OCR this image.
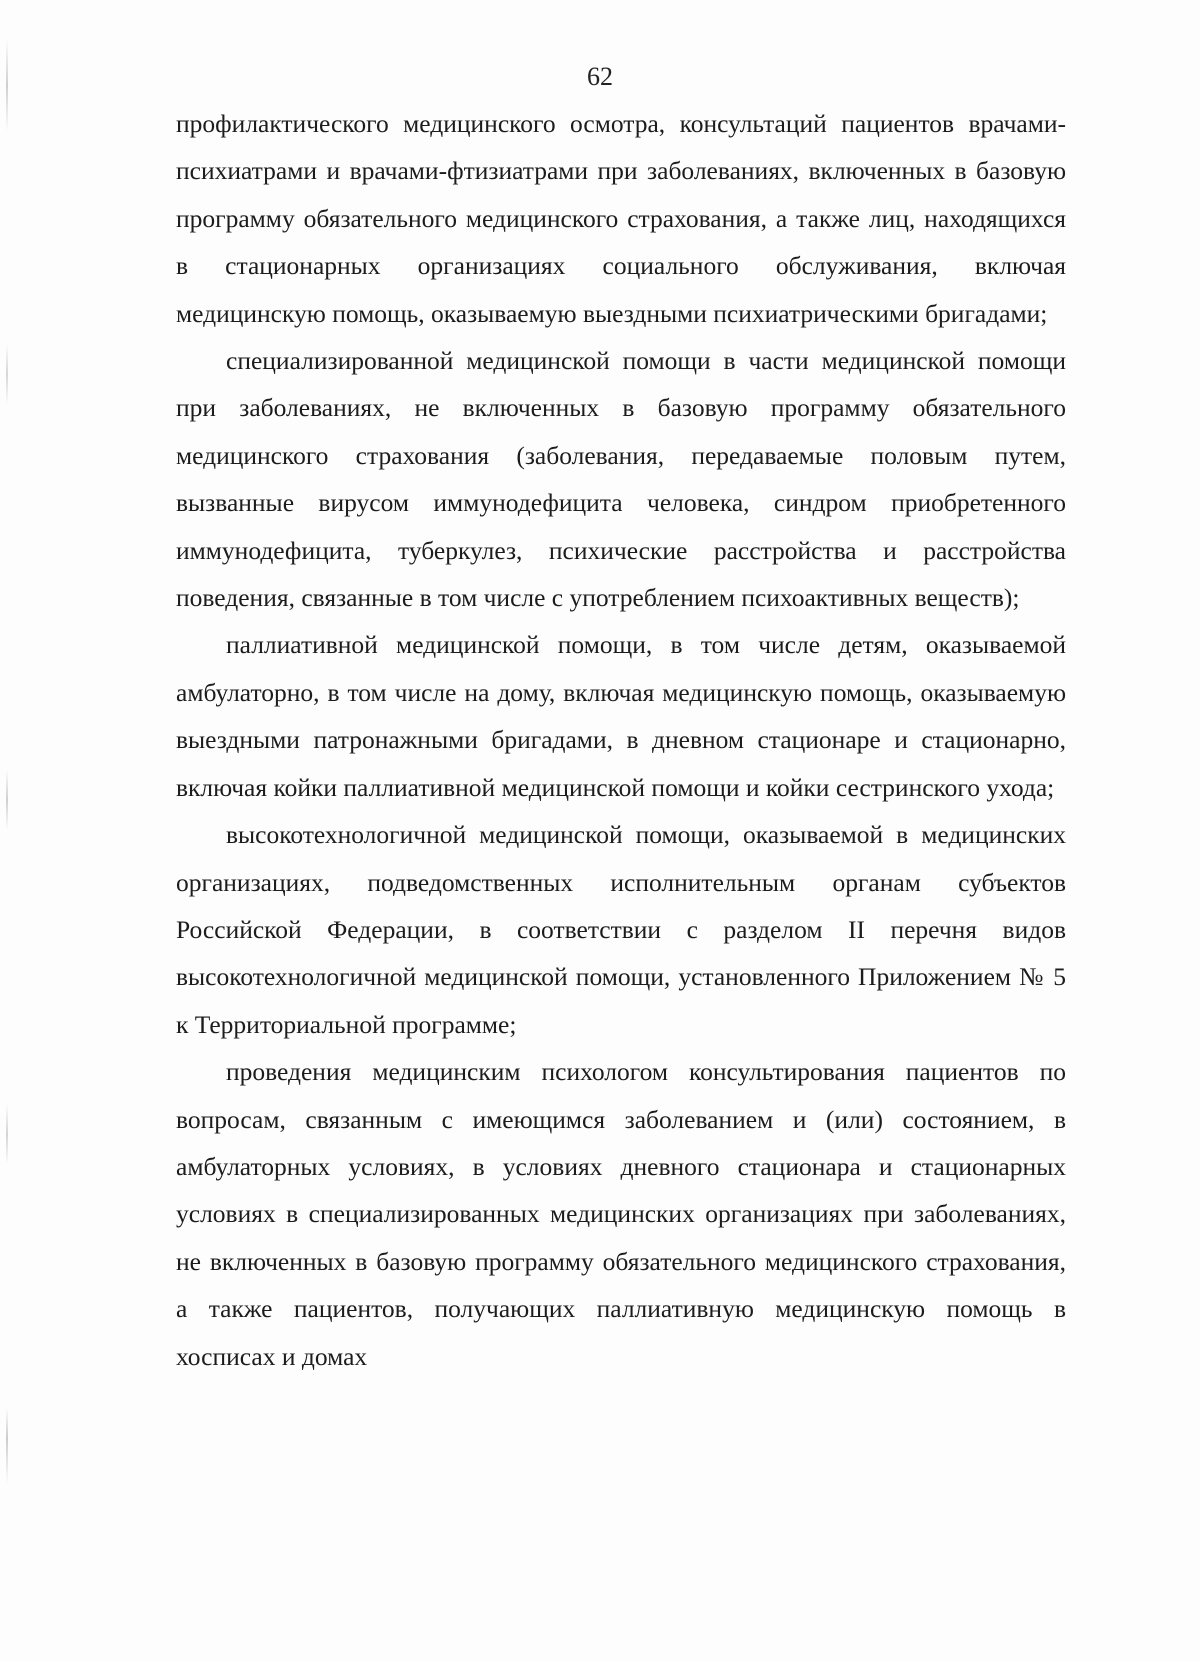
62

профилактического медицинского осмотра, консультаций пациентов врачами-психиатрами и врачами-фтизиатрами при заболеваниях, включенных в базовую программу обязательного медицинского страхования, а также лиц, находящихся в стационарных организациях социального обслуживания, включая медицинскую помощь, оказываемую выездными психиатрическими бригадами;

специализированной медицинской помощи в части медицинской помощи при заболеваниях, не включенных в базовую программу обязательного медицинского страхования (заболевания, передаваемые половым путем, вызванные вирусом иммунодефицита человека, синдром приобретенного иммунодефицита, туберкулез, психические расстройства и расстройства поведения, связанные в том числе с употреблением психоактивных веществ);

паллиативной медицинской помощи, в том числе детям, оказываемой амбулаторно, в том числе на дому, включая медицинскую помощь, оказываемую выездными патронажными бригадами, в дневном стационаре и стационарно, включая койки паллиативной медицинской помощи и койки сестринского ухода;

высокотехнологичной медицинской помощи, оказываемой в медицинских организациях, подведомственных исполнительным органам субъектов Российской Федерации, в соответствии с разделом II перечня видов высокотехнологичной медицинской помощи, установленного Приложением № 5 к Территориальной программе;

проведения медицинским психологом консультирования пациентов по вопросам, связанным с имеющимся заболеванием и (или) состоянием, в амбулаторных условиях, в условиях дневного стационара и стационарных условиях в специализированных медицинских организациях при заболеваниях, не включенных в базовую программу обязательного медицинского страхования, а также пациентов, получающих паллиативную медицинскую помощь в хосписах и домах
